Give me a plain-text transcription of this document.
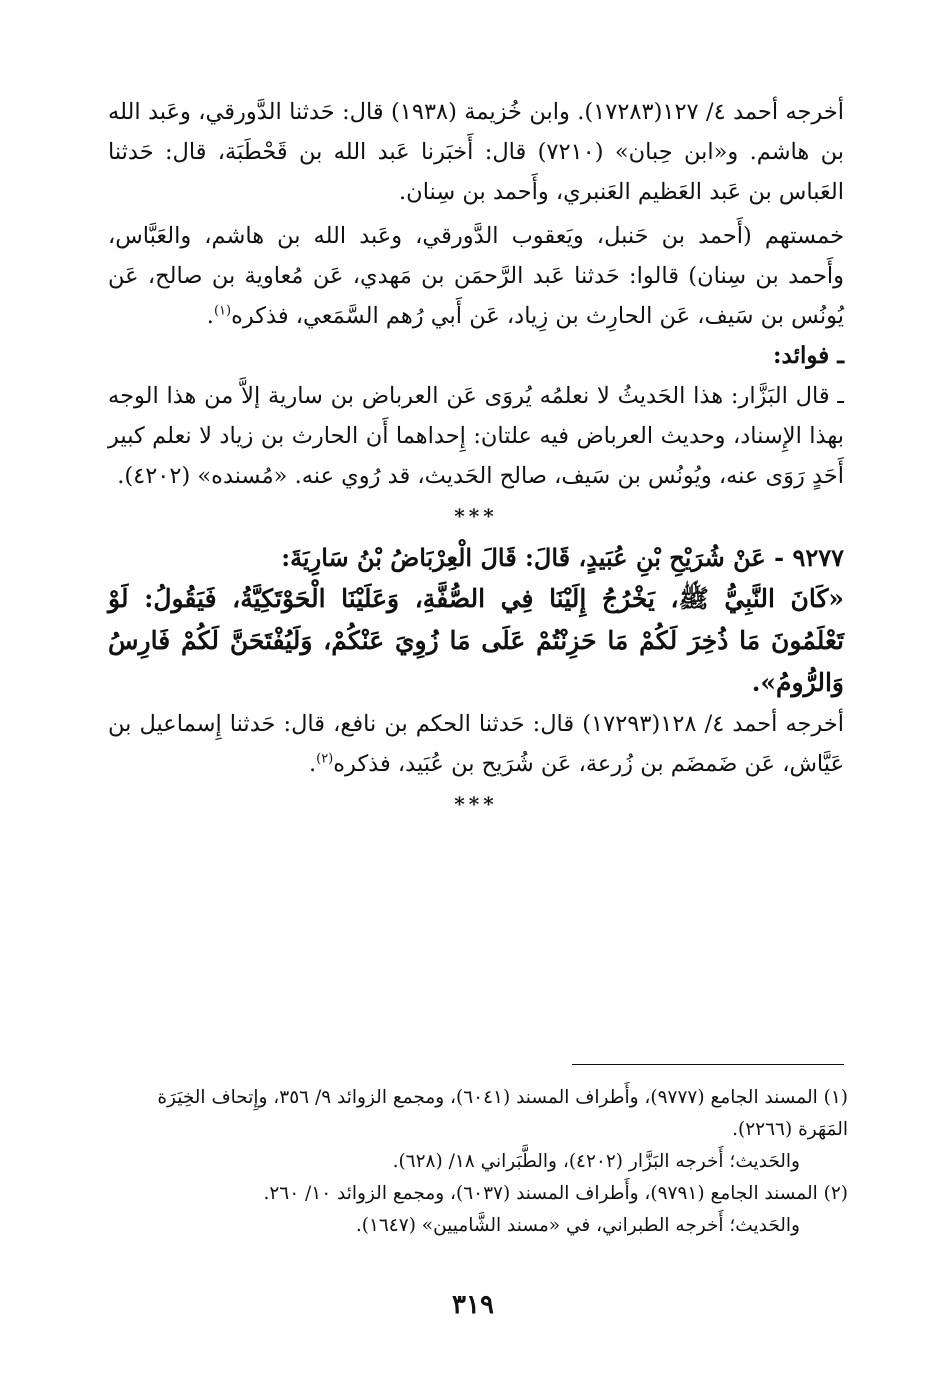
أخرجه أحمد ٤/ ١٢٧(١٧٢٨٣). وابن خُزيمة (١٩٣٨) قال: حَدثنا الدَّورقي، وعَبد الله بن هاشم. و«ابن حِبان» (٧٢١٠) قال: أَخبَرنا عَبد الله بن قَحْطَبَة، قال: حَدثنا العَباس بن عَبد العَظيم العَنبري، وأَحمد بن سِنان.

خمستهم (أَحمد بن حَنبل، ويَعقوب الدَّورقي، وعَبد الله بن هاشم، والعَبَّاس، وأَحمد بن سِنان) قالوا: حَدثنا عَبد الرَّحمَن بن مَهدي، عَن مُعاوية بن صالح، عَن يُونُس بن سَيف، عَن الحارِث بن زِياد، عَن أَبي رُهم السَّمَعي، فذكره$^{(١)}$.

ـ فوائد:

ـ قال البَزَّار: هذا الحَديثُ لا نعلمُه يُروَى عَن العرباض بن سارية إلاَّ من هذا الوجه بهذا الإِسناد، وحديث العرباض فيه علتان: إِحداهما أَن الحارث بن زياد لا نعلم كبير أَحَدٍ رَوَى عنه، ويُونُس بن سَيف، صالح الحَديث، قد رُوي عنه. «مُسنده» (٤٢٠٢).

***

٩٢٧٧ - عَنْ شُرَيْحِ بْنِ عُبَيدٍ، قَالَ: قَالَ الْعِرْبَاضُ بْنُ سَارِيَةَ:

«كَانَ النَّبِيُّ ﷺ، يَخْرُجُ إِلَيْنَا فِي الصُّفَّةِ، وَعَلَيْنَا الْحَوْتَكِيَّةُ، فَيَقُولُ: لَوْ تَعْلَمُونَ مَا ذُخِرَ لَكُمْ مَا حَزِنْتُمْ عَلَى مَا زُوِيَ عَنْكُمْ، وَلَيُفْتَحَنَّ لَكُمْ فَارِسُ وَالرُّومُ».

أخرجه أحمد ٤/ ١٢٨(١٧٢٩٣) قال: حَدثنا الحكم بن نافع، قال: حَدثنا إِسماعيل بن عَيَّاش، عَن ضَمضَم بن زُرعة، عَن شُرَيح بن عُبَيد، فذكره$^{(٢)}$.

***

(١) المسند الجامع (٩٧٧٧)، وأَطراف المسند (٦٠٤١)، ومجمع الزوائد ٩/ ٣٥٦، وإِتحاف الخِيَرَة المَهَرة (٢٢٦٦).

والحَديث؛ أَخرجه البَزَّار (٤٢٠٢)، والطَّبَراني ١٨/ (٦٢٨).

(٢) المسند الجامع (٩٧٩١)، وأَطراف المسند (٦٠٣٧)، ومجمع الزوائد ١٠/ ٢٦٠.

والحَديث؛ أَخرجه الطبراني، في «مسند الشَّاميين» (١٦٤٧).

٣١٩
